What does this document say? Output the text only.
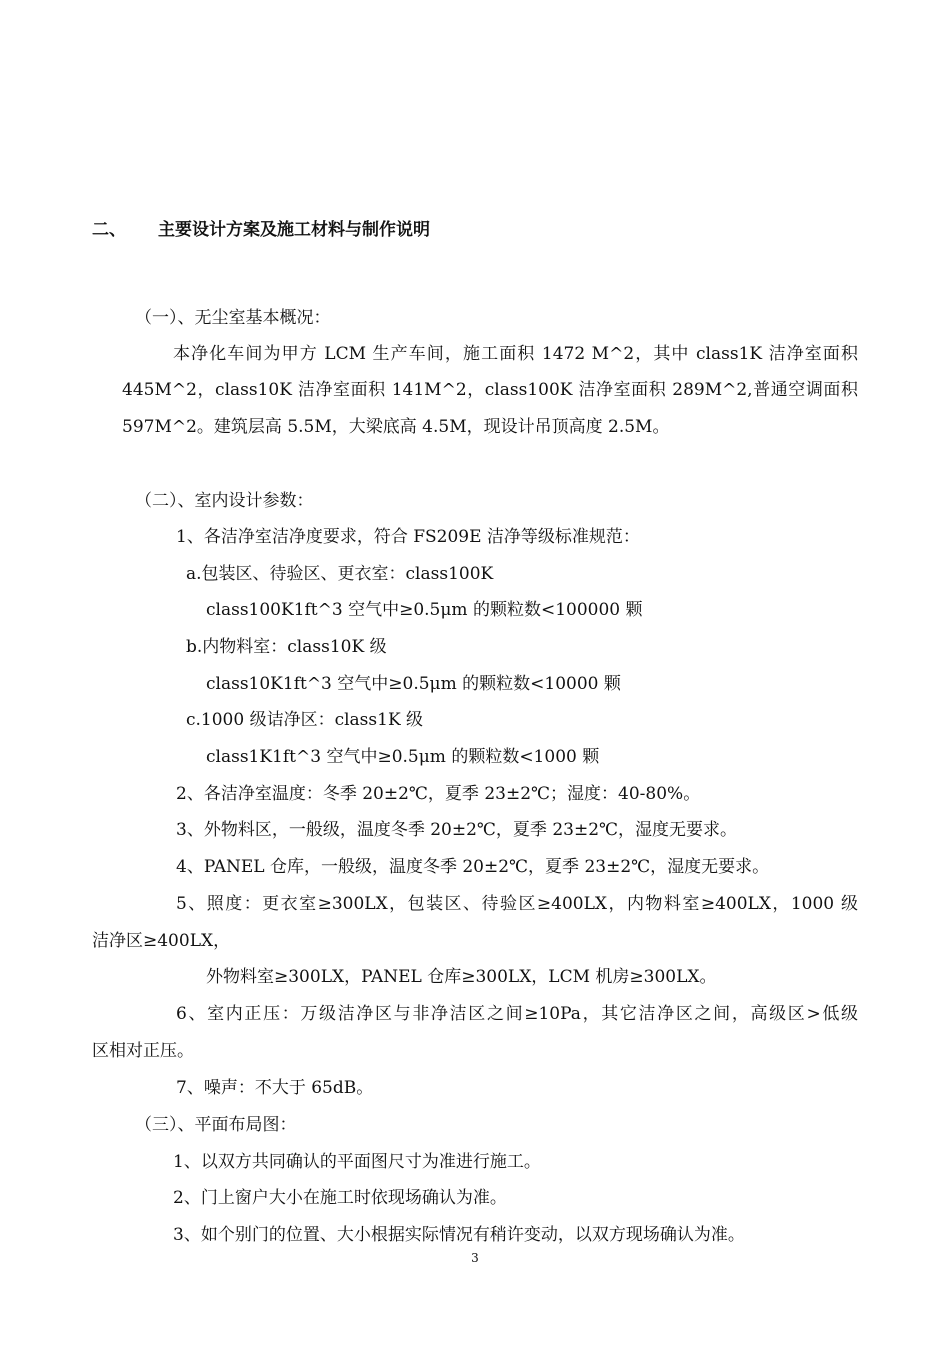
二、 主要设计方案及施工材料与制作说明
（一）、无尘室基本概况：
本净化车间为甲方 LCM 生产车间，施工面积 1472 M^2，其中 class1K 洁净室面积
445M^2，class10K 洁净室面积 141M^2，class100K 洁净室面积 289M^2,普通空调面积
597M^2。建筑层高 5.5M，大梁底高 4.5M，现设计吊顶高度 2.5M。
（二）、室内设计参数：
1、各洁净室洁净度要求，符合 FS209E 洁净等级标准规范：
a.包装区、待验区、更衣室：class100K
class100K1ft^3 空气中≥0.5μm 的颗粒数<100000 颗
b.内物料室：class10K 级
class10K1ft^3 空气中≥0.5μm 的颗粒数<10000 颗
c.1000 级诘净区：class1K 级
class1K1ft^3 空气中≥0.5μm 的颗粒数<1000 颗
2、各洁净室温度：冬季 20±2℃，夏季 23±2℃；湿度：40-80%。
3、外物料区，一般级，温度冬季 20±2℃，夏季 23±2℃，湿度无要求。
4、PANEL 仓库，一般级，温度冬季 20±2℃，夏季 23±2℃，湿度无要求。
5、照度：更衣室≥300LX，包装区、待验区≥400LX，内物料室≥400LX，1000 级
洁净区≥400LX，
外物料室≥300LX，PANEL 仓库≥300LX，LCM 机房≥300LX。
6、室内正压：万级洁净区与非净洁区之间≥10Pa，其它洁净区之间，高级区>低级
区相对正压。
7、噪声：不大于 65dB。
（三）、平面布局图：
1、以双方共同确认的平面图尺寸为准进行施工。
2、门上窗户大小在施工时依现场确认为准。
3、如个别门的位置、大小根据实际情况有稍许变动，以双方现场确认为准。
3
